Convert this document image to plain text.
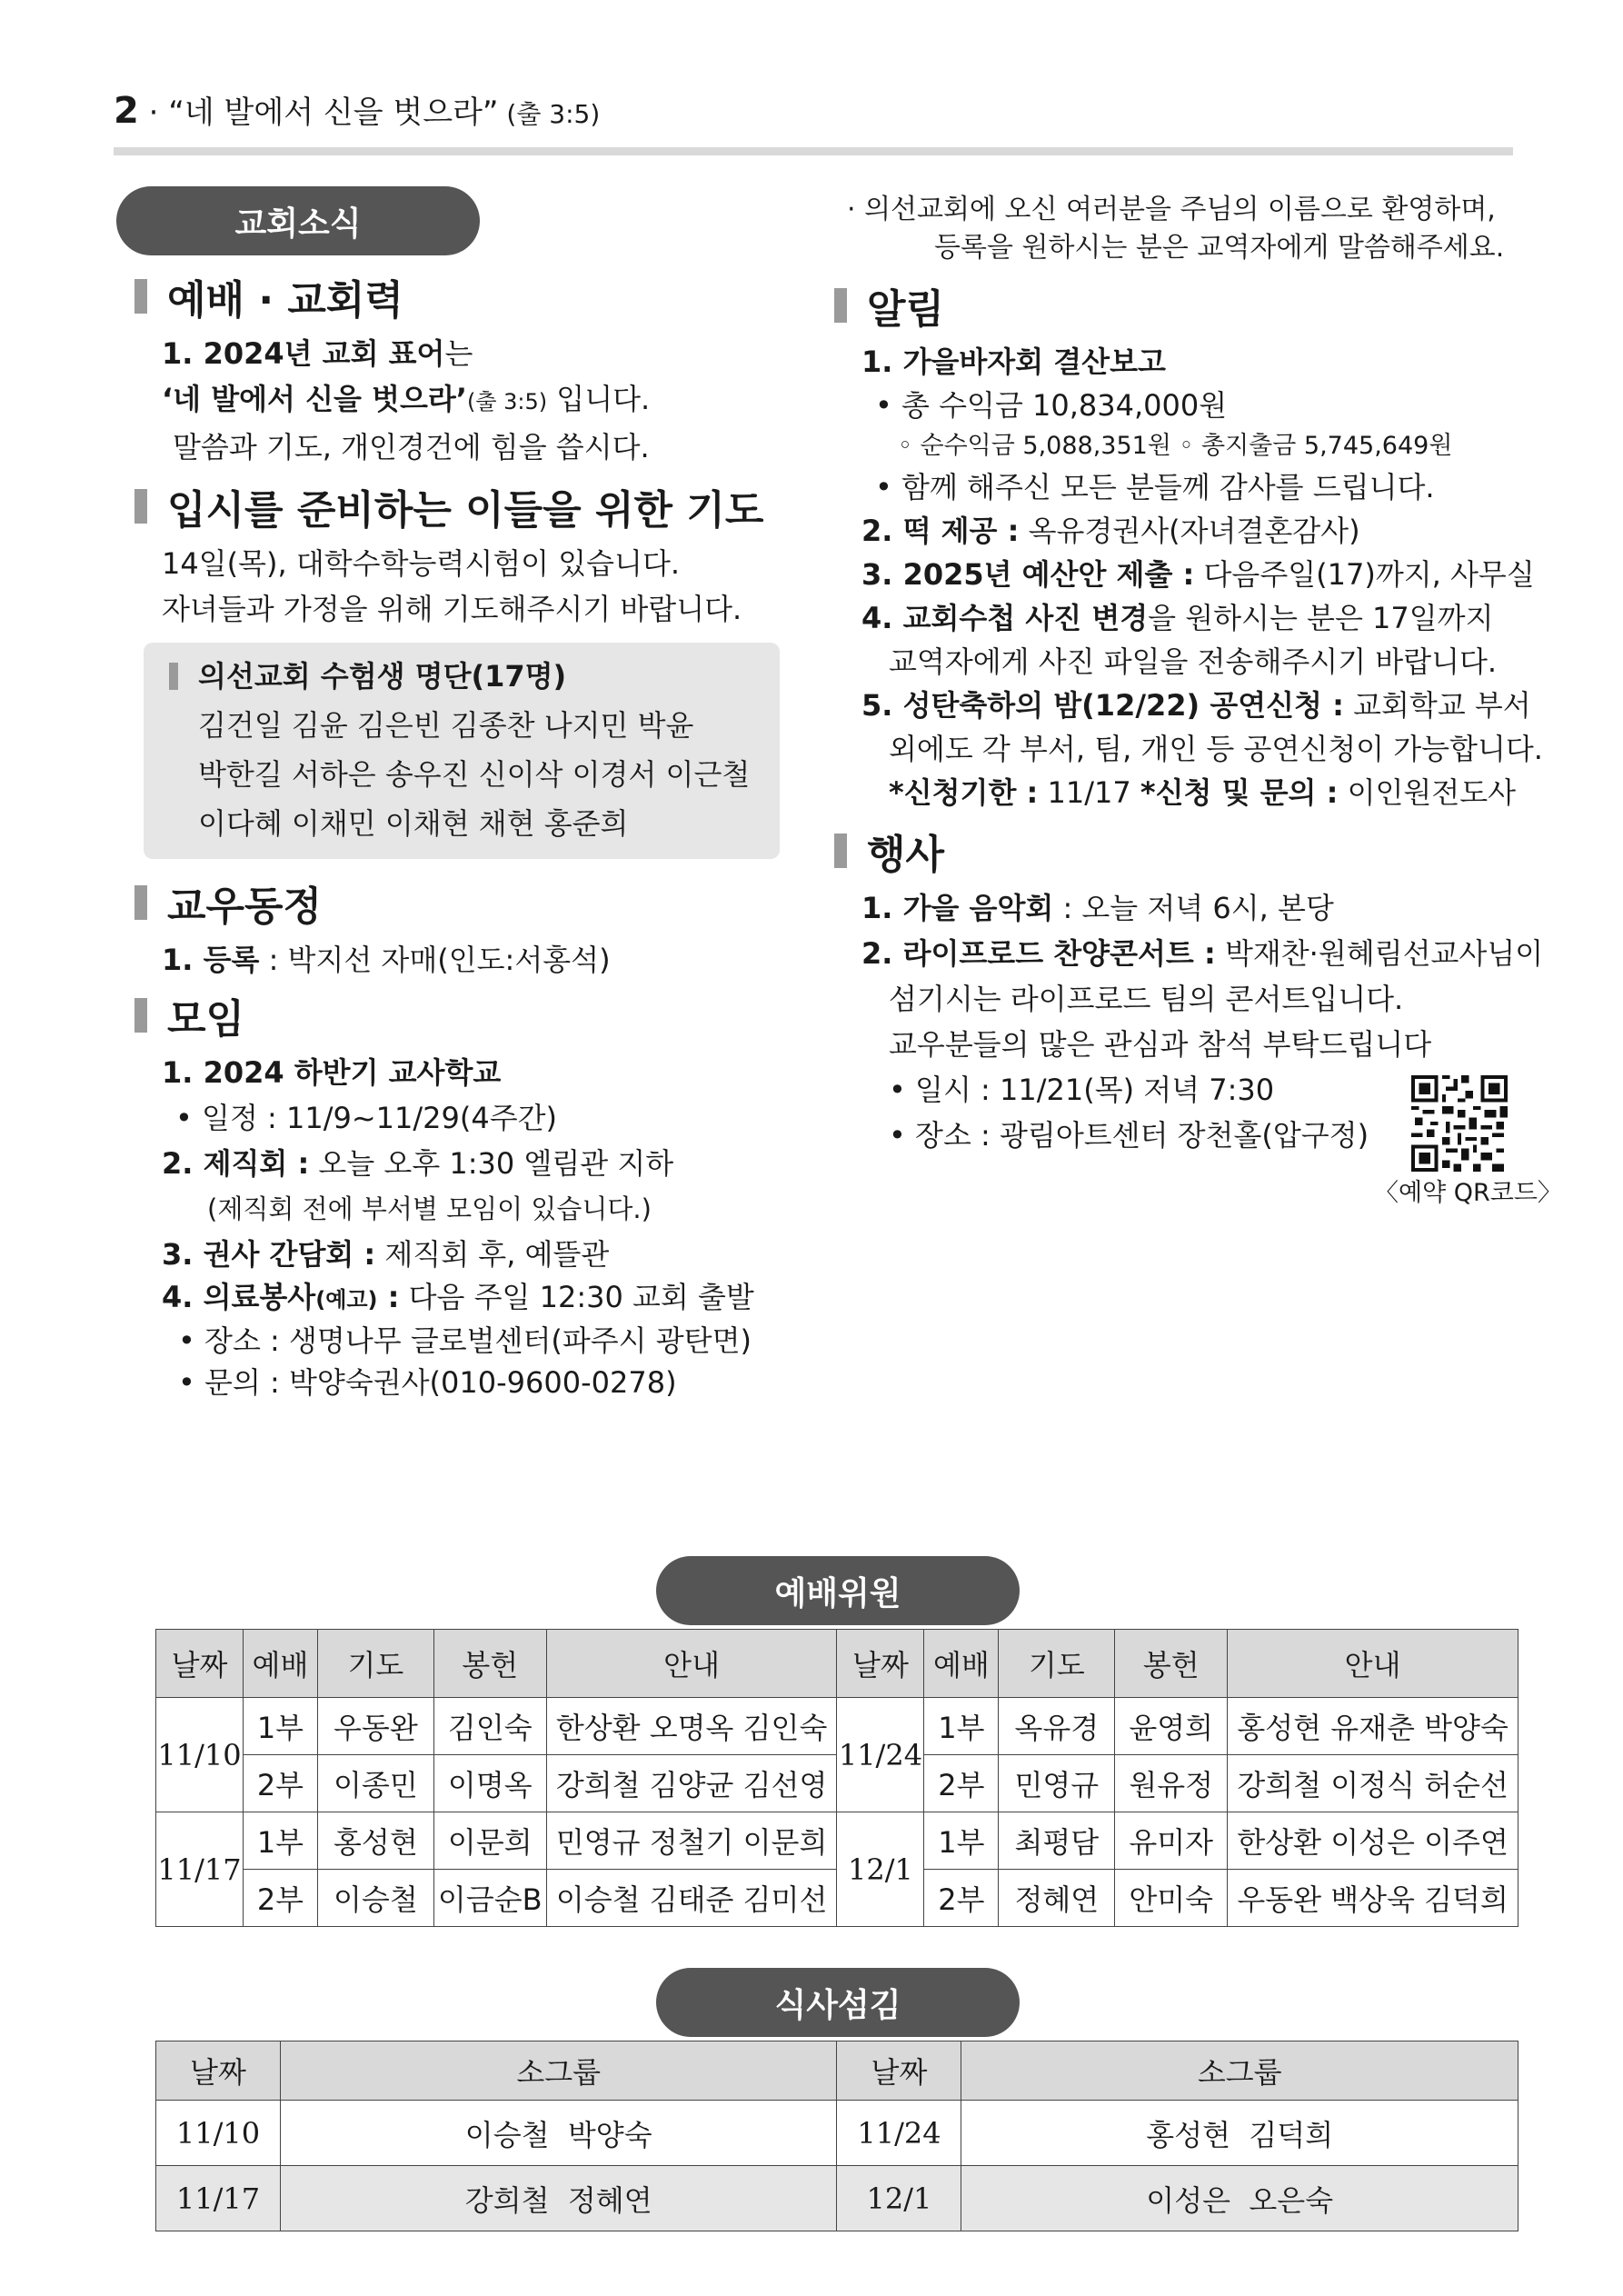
2 · “네 발에서 신을 벗으라” (출 3:5)
교회소식
예배 · 교회력
1. 2024년 교회 표어는
‘네 발에서 신을 벗으라’(출 3:5) 입니다.
말씀과 기도, 개인경건에 힘을 씁시다.
입시를 준비하는 이들을 위한 기도
14일(목), 대학수학능력시험이 있습니다.
자녀들과 가정을 위해 기도해주시기 바랍니다.
의선교회 수험생 명단(17명)
김건일 김윤 김은빈 김종찬 나지민 박윤
박한길 서하은 송우진 신이삭 이경서 이근철
이다혜 이채민 이채현 채현 홍준희
교우동정
1. 등록 : 박지선 자매(인도:서홍석)
모임
1. 2024 하반기 교사학교
• 일정 : 11/9~11/29(4주간)
2. 제직회 : 오늘 오후 1:30 엘림관 지하
(제직회 전에 부서별 모임이 있습니다.)
3. 권사 간담회 : 제직회 후, 예뜰관
4. 의료봉사(예고) : 다음 주일 12:30 교회 출발
• 장소 : 생명나무 글로벌센터(파주시 광탄면)
• 문의 : 박양숙권사(010-9600-0278)
· 의선교회에 오신 여러분을 주님의 이름으로 환영하며,
등록을 원하시는 분은 교역자에게 말씀해주세요.
알림
1. 가을바자회 결산보고
• 총 수익금 10,834,000원
◦ 순수익금 5,088,351원 ◦ 총지출금 5,745,649원
• 함께 해주신 모든 분들께 감사를 드립니다.
2. 떡 제공 : 옥유경권사(자녀결혼감사)
3. 2025년 예산안 제출 : 다음주일(17)까지, 사무실
4. 교회수첩 사진 변경을 원하시는 분은 17일까지
교역자에게 사진 파일을 전송해주시기 바랍니다.
5. 성탄축하의 밤(12/22) 공연신청 : 교회학교 부서
외에도 각 부서, 팀, 개인 등 공연신청이 가능합니다.
*신청기한 : 11/17 *신청 및 문의 : 이인원전도사
행사
1. 가을 음악회 : 오늘 저녁 6시, 본당
2. 라이프로드 찬양콘서트 : 박재찬·원혜림선교사님이
섬기시는 라이프로드 팀의 콘서트입니다.
교우분들의 많은 관심과 참석 부탁드립니다
• 일시 : 11/21(목) 저녁 7:30
• 장소 : 광림아트센터 장천홀(압구정)
〈예약 QR코드〉
예배위원
날짜	예배	기도	봉헌	안내	날짜	예배	기도	봉헌	안내
11/10	1부	우동완	김인숙	한상환 오명옥 김인숙	11/24	1부	옥유경	윤영희	홍성현 유재춘 박양숙
	2부	이종민	이명옥	강희철 김양균 김선영		2부	민영규	원유정	강희철 이정식 허순선
11/17	1부	홍성현	이문희	민영규 정철기 이문희	12/1	1부	최평담	유미자	한상환 이성은 이주연
	2부	이승철	이금순B	이승철 김태준 김미선		2부	정혜연	안미숙	우동완 백상욱 김덕희
식사섬김
날짜	소그룹	날짜	소그룹
11/10	이승철  박양숙	11/24	홍성현  김덕희
11/17	강희철  정혜연	12/1	이성은  오은숙
